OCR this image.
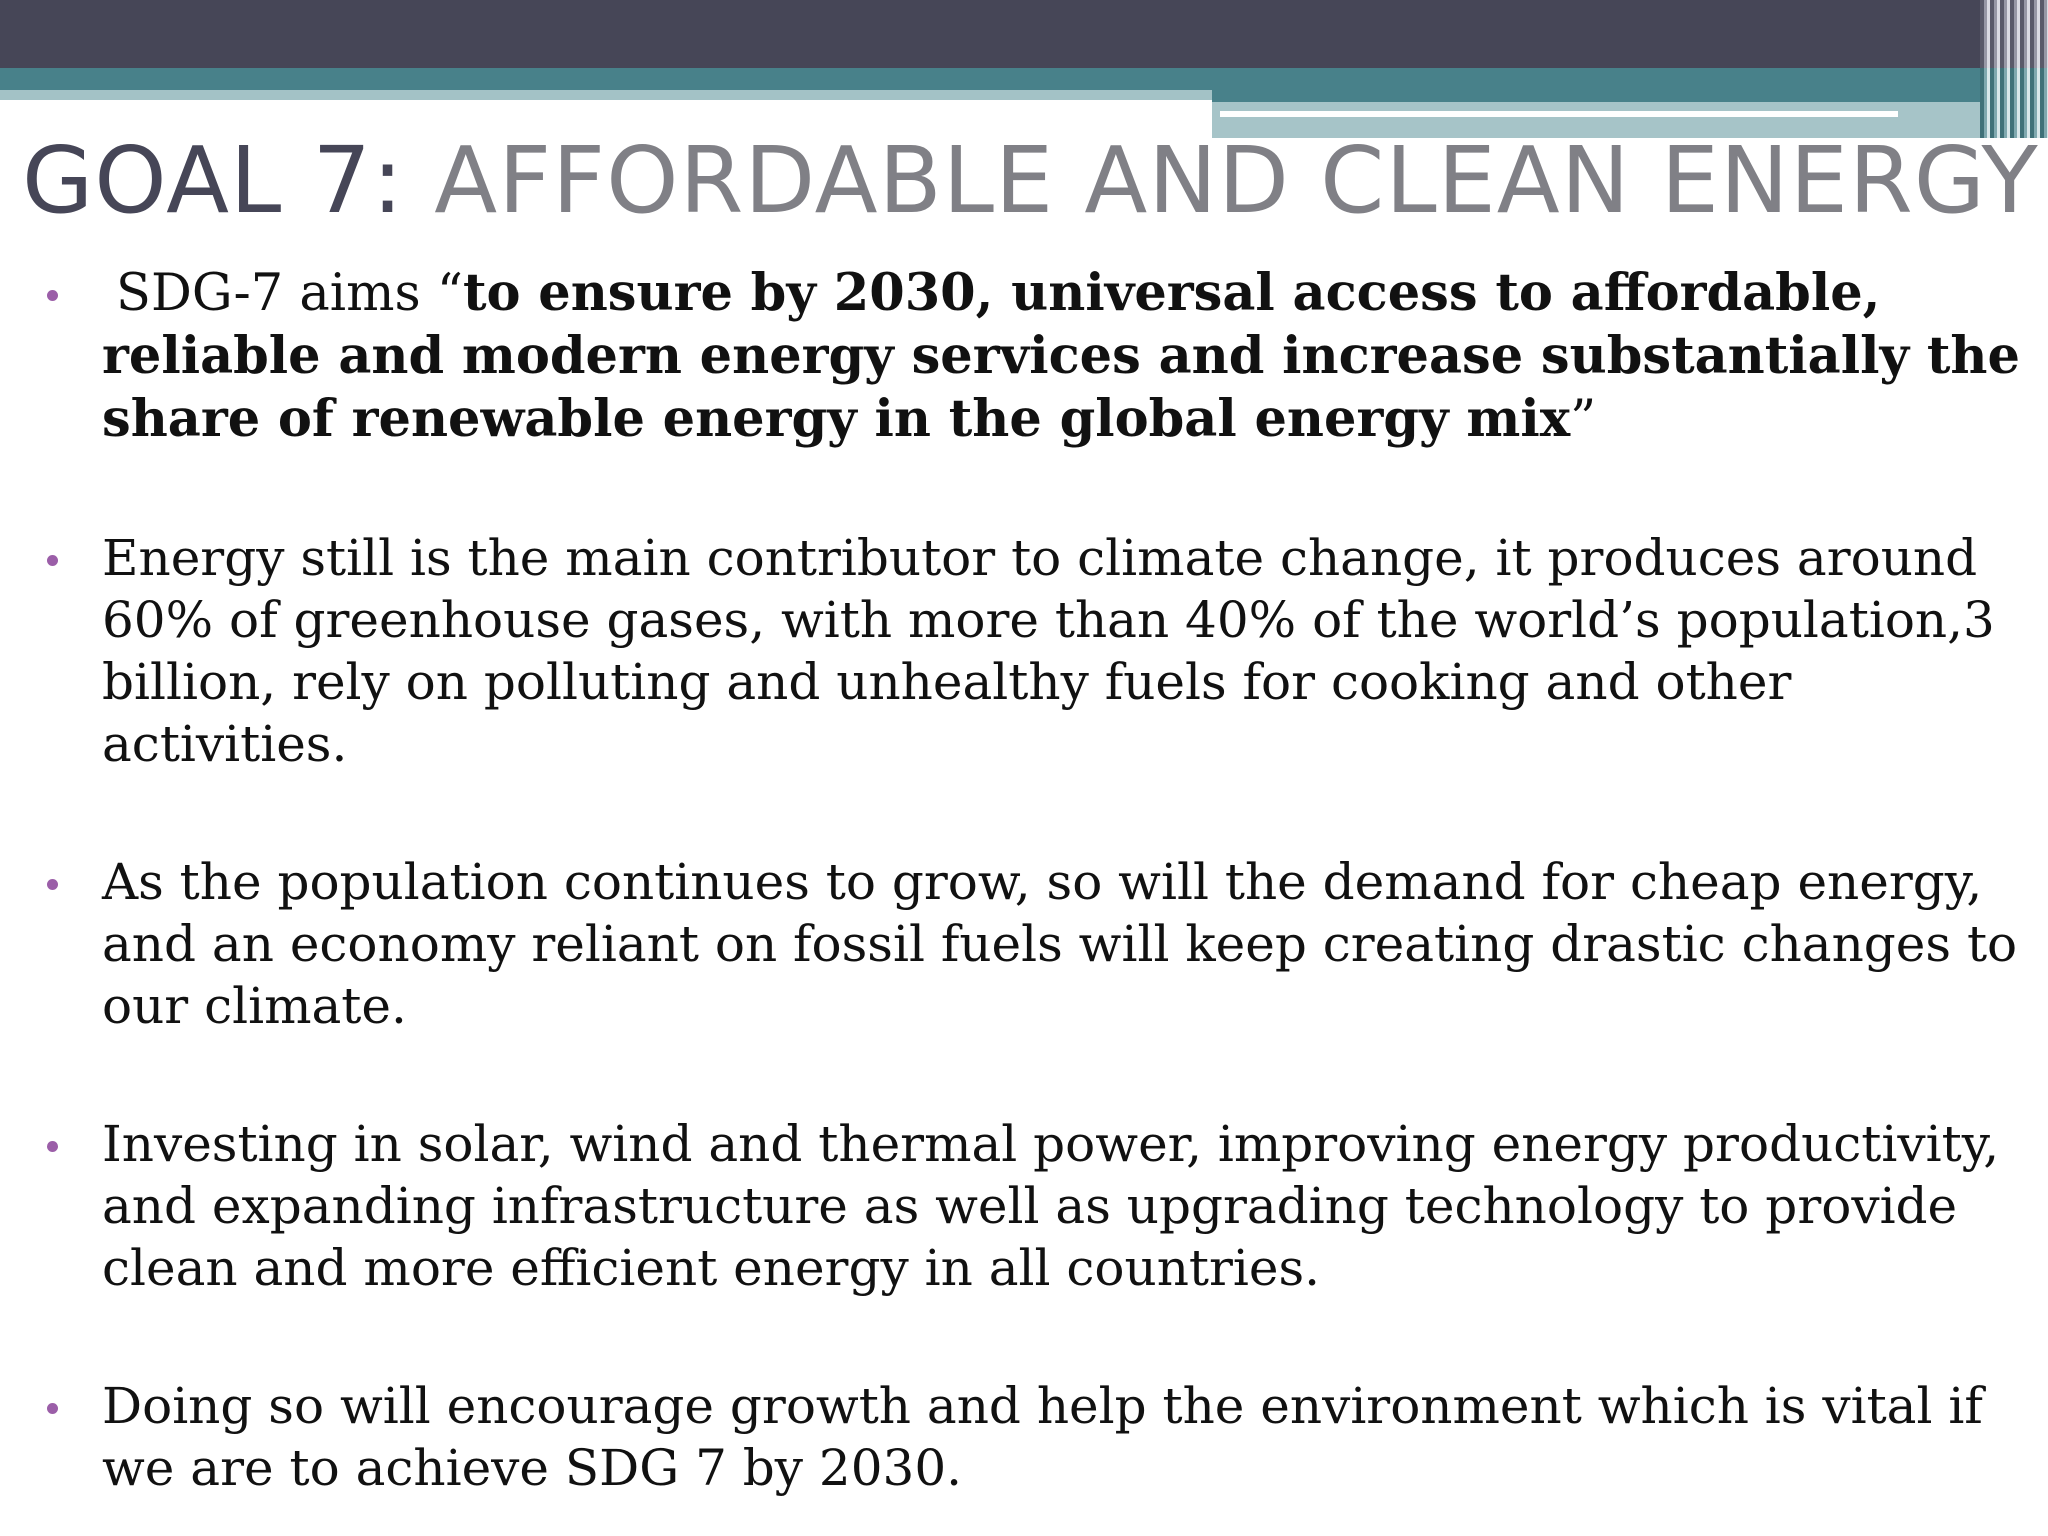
GOAL 7: AFFORDABLE AND CLEAN ENERGY
SDG-7 aims “to ensure by 2030, universal access to affordable, reliable and modern energy services and increase substantially the share of renewable energy in the global energy mix”
Energy still is the main contributor to climate change, it produces around 60% of greenhouse gases, with more than 40% of the world’s population,3 billion, rely on polluting and unhealthy fuels for cooking and other activities.
As the population continues to grow, so will the demand for cheap energy, and an economy reliant on fossil fuels will keep creating drastic changes to our climate.
Investing in solar, wind and thermal power, improving energy productivity, and expanding infrastructure as well as upgrading technology to provide clean and more efficient energy in all countries.
Doing so will encourage growth and help the environment which is vital if we are to achieve SDG 7 by 2030.
